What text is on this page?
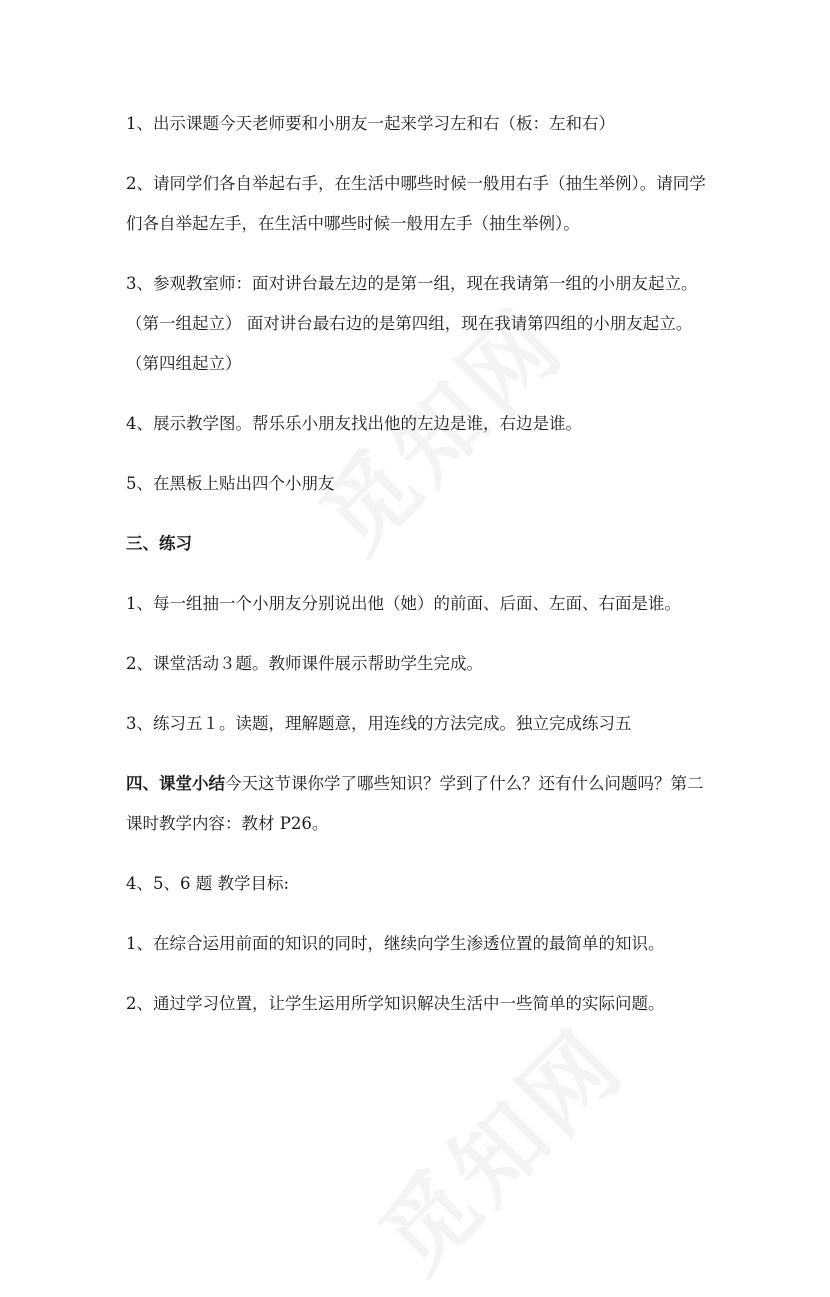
1、出示课题今天老师要和小朋友一起来学习左和右（板：左和右）

2、请同学们各自举起右手，在生活中哪些时候一般用右手（抽生举例）。请同学们各自举起左手，在生活中哪些时候一般用左手（抽生举例）。

3、参观教室师：面对讲台最左边的是第一组，现在我请第一组的小朋友起立。（第一组起立） 面对讲台最右边的是第四组，现在我请第四组的小朋友起立。（第四组起立）

4、展示教学图。帮乐乐小朋友找出他的左边是谁，右边是谁。

5、在黑板上贴出四个小朋友

三、练习

1、每一组抽一个小朋友分别说出他（她）的前面、后面、左面、右面是谁。

2、课堂活动３题。教师课件展示帮助学生完成。

3、练习五１。读题，理解题意，用连线的方法完成。独立完成练习五

四、课堂小结今天这节课你学了哪些知识？学到了什么？还有什么问题吗？第二课时教学内容：教材 P26。

4、5、6 题 教学目标:

1、在综合运用前面的知识的同时，继续向学生渗透位置的最简单的知识。

2、通过学习位置，让学生运用所学知识解决生活中一些简单的实际问题。
